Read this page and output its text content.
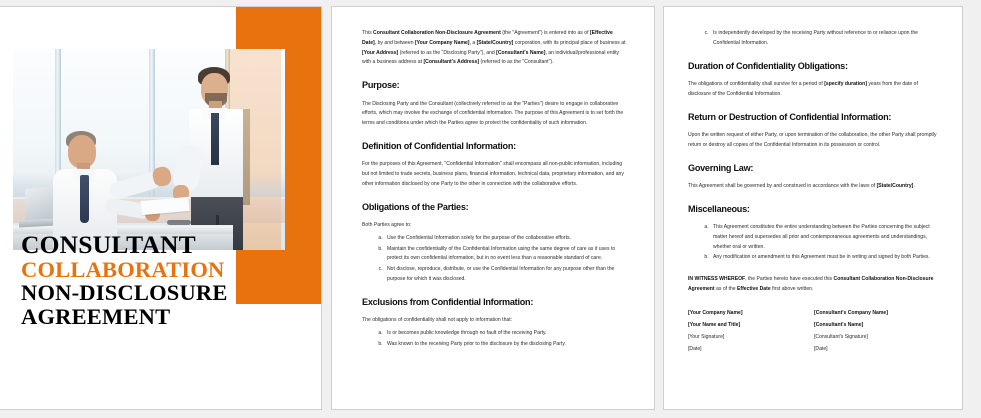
CONSULTANT
COLLABORATION
NON-DISCLOSURE
AGREEMENT

This Consultant Collaboration Non-Disclosure Agreement (the "Agreement") is entered into as of [Effective Date], by and between [Your Company Name], a [State/Country] corporation, with its principal place of business at [Your Address] (referred to as the "Disclosing Party"), and [Consultant's Name], an individual/professional entity with a business address at [Consultant's Address] (referred to as the "Consultant").

Purpose:

The Disclosing Party and the Consultant (collectively referred to as the "Parties") desire to engage in collaborative efforts, which may involve the exchange of confidential information. The purpose of this Agreement is to set forth the terms and conditions under which the Parties agree to protect the confidentiality of such information.

Definition of Confidential Information:

For the purposes of this Agreement, "Confidential Information" shall encompass all non-public information, including but not limited to trade secrets, business plans, financial information, technical data, proprietary information, and any other information disclosed by one Party to the other in connection with the collaborative efforts.

Obligations of the Parties:

Both Parties agree to:

a. Use the Confidential Information solely for the purpose of the collaborative efforts.
b. Maintain the confidentiality of the Confidential Information using the same degree of care as it uses to protect its own confidential information, but in no event less than a reasonable standard of care.
c. Not disclose, reproduce, distribute, or use the Confidential Information for any purpose other than the purpose for which it was disclosed.
Exclusions from Confidential Information:

The obligations of confidentiality shall not apply to information that:

a. Is or becomes public knowledge through no fault of the receiving Party.
b. Was known to the receiving Party prior to the disclosure by the disclosing Party.
c. Is independently developed by the receiving Party without reference to or reliance upon the Confidential Information.
Duration of Confidentiality Obligations:

The obligations of confidentiality shall survive for a period of [specify duration] years from the date of disclosure of the Confidential Information.

Return or Destruction of Confidential Information:

Upon the written request of either Party, or upon termination of the collaboration, the other Party shall promptly return or destroy all copies of the Confidential Information in its possession or control.

Governing Law:

This Agreement shall be governed by and construed in accordance with the laws of [State/Country].

Miscellaneous:
a. This Agreement constitutes the entire understanding between the Parties concerning the subject matter hereof and supersedes all prior and contemporaneous agreements and understandings, whether oral or written.
b. Any modification or amendment to this Agreement must be in writing and signed by both Parties.

IN WITNESS WHEREOF, the Parties hereto have executed this Consultant Collaboration Non-Disclosure Agreement as of the Effective Date first above written.

[Your Company Name]
[Your Name and Title]
[Your Signature]
[Date]
[Consultant's Company Name]
[Consultant's Name]
[Consultant's Signature]
[Date]
